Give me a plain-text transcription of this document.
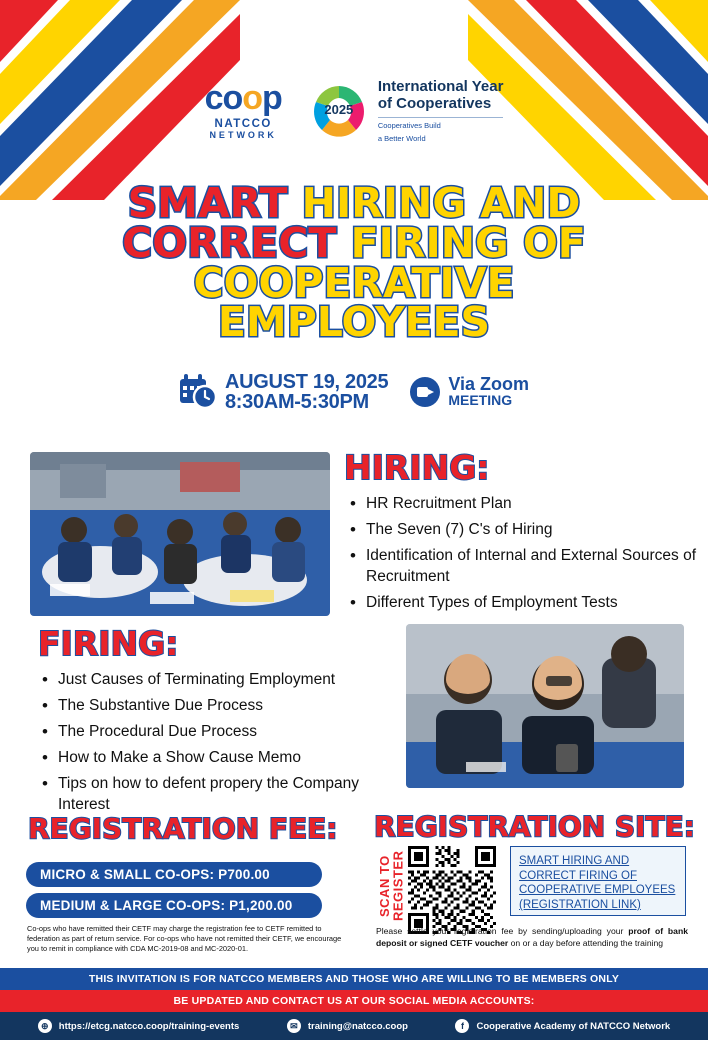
coop
NATCCO
NETWORK
2025
International Year
of Cooperatives
Cooperatives Build
a Better World
SMART HIRING AND
CORRECT FIRING OF
COOPERATIVE
EMPLOYEES
AUGUST 19, 2025
8:30AM-5:30PM
Via Zoom
MEETING
HIRING:
• HR Recruitment Plan
• The Seven (7) C's of Hiring
• Identification of Internal and External Sources of Recruitment
• Different Types of Employment Tests
FIRING:
• Just Causes of Terminating Employment
• The Substantive Due Process
• The Procedural Due Process
• How to Make a Show Cause Memo
• Tips on how to defent propery the Company Interest
REGISTRATION FEE:
MICRO & SMALL CO-OPS: P700.00
MEDIUM & LARGE CO-OPS: P1,200.00
Co-ops who have remitted their CETF may charge the registration fee to CETF remitted to federation as part of return service. For co-ops who have not remitted their CETF, we encourage you to remit in compliance with CDA MC-2019-08 and MC-2020-01.
REGISTRATION SITE:
SCAN TO REGISTER	SMART HIRING AND CORRECT FIRING OF COOPERATIVE EMPLOYEES (REGISTRATION LINK)
Please settle your registration fee by sending/uploading your proof of bank deposit or signed CETF voucher on or a day before attending the training
THIS INVITATION IS FOR NATCCO MEMBERS AND THOSE WHO ARE WILLING TO BE MEMBERS ONLY
BE UPDATED AND CONTACT US AT OUR SOCIAL MEDIA ACCOUNTS:
⊕	https://etcg.natcco.coop/training-events	✉	training@natcco.coop	f	Cooperative Academy of NATCCO Network
